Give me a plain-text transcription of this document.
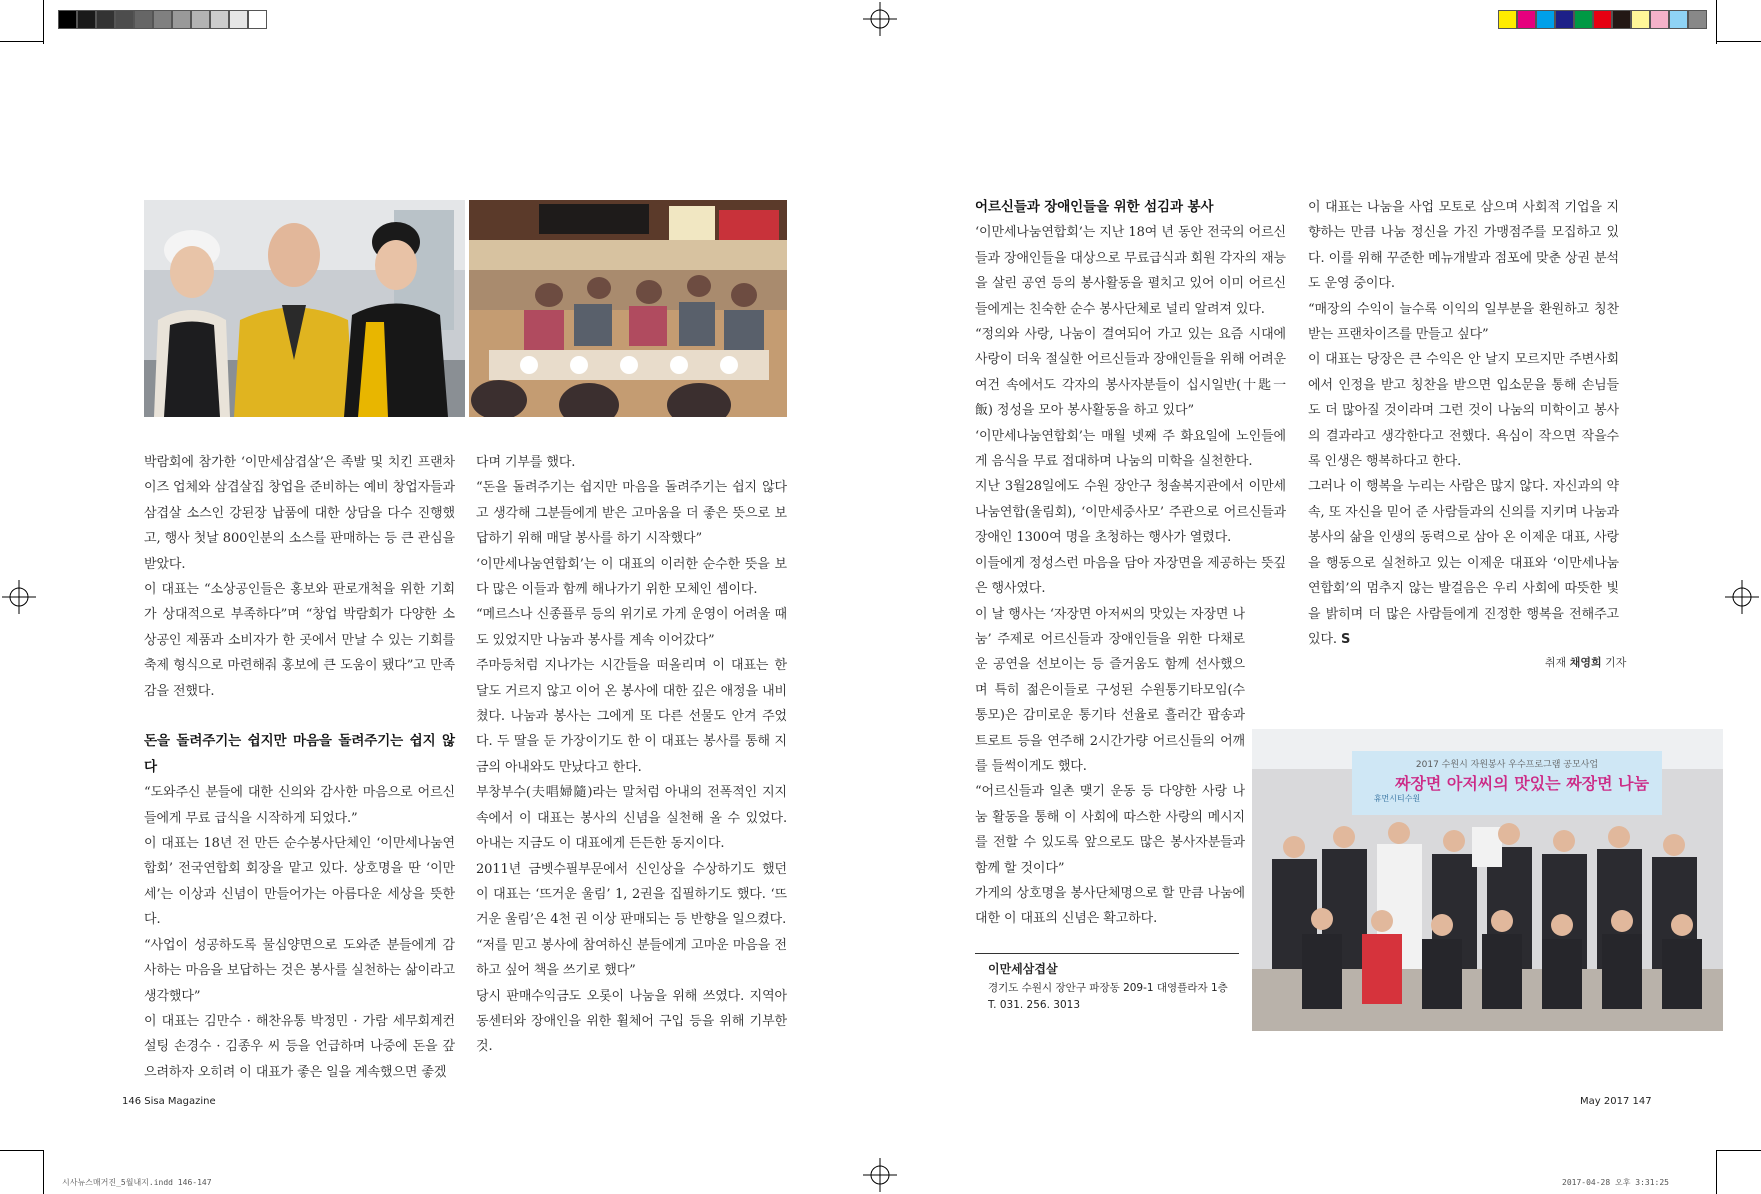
2017 수원시 자원봉사 우수프로그램 공모사업
짜장면 아저씨의 맛있는 짜장면 나눔
휴먼시티수원

박람회에 참가한 ‘이만세삼겹살’은 족발 및 치킨 프랜차이즈 업체와 삼겹살집 창업을 준비하는 예비 창업자들과 삼겹살 소스인 강된장 납품에 대한 상담을 다수 진행했고, 행사 첫날 800인분의 소스를 판매하는 등 큰 관심을 받았다.

이 대표는 “소상공인들은 홍보와 판로개척을 위한 기회가 상대적으로 부족하다”며 “창업 박람회가 다양한 소상공인 제품과 소비자가 한 곳에서 만날 수 있는 기회를 축제 형식으로 마련해줘 홍보에 큰 도움이 됐다”고 만족감을 전했다.

돈을 돌려주기는 쉽지만 마음을 돌려주기는 쉽지 않다

“도와주신 분들에 대한 신의와 감사한 마음으로 어르신들에게 무료 급식을 시작하게 되었다.”

이 대표는 18년 전 만든 순수봉사단체인 ‘이만세나눔연합회’ 전국연합회 회장을 맡고 있다. 상호명을 딴 ‘이만세’는 이상과 신념이 만들어가는 아름다운 세상을 뜻한다.

“사업이 성공하도록 물심양면으로 도와준 분들에게 감사하는 마음을 보답하는 것은 봉사를 실천하는 삶이라고 생각했다”

이 대표는 김만수 · 해찬유통 박정민 · 가람 세무회계컨설팅 손경수 · 김종우 씨 등을 언급하며 나중에 돈을 갚으려하자 오히려 이 대표가 좋은 일을 계속했으면 좋겠

다며 기부를 했다.

“돈을 돌려주기는 쉽지만 마음을 돌려주기는 쉽지 않다고 생각해 그분들에게 받은 고마움을 더 좋은 뜻으로 보답하기 위해 매달 봉사를 하기 시작했다”

‘이만세나눔연합회’는 이 대표의 이러한 순수한 뜻을 보다 많은 이들과 함께 해나가기 위한 모체인 셈이다.

“메르스나 신종플루 등의 위기로 가게 운영이 어려울 때도 있었지만 나눔과 봉사를 계속 이어갔다”

주마등처럼 지나가는 시간들을 떠올리며 이 대표는 한 달도 거르지 않고 이어 온 봉사에 대한 깊은 애정을 내비쳤다. 나눔과 봉사는 그에게 또 다른 선물도 안겨 주었다. 두 딸을 둔 가장이기도 한 이 대표는 봉사를 통해 지금의 아내와도 만났다고 한다.

부창부수(夫唱婦隨)라는 말처럼 아내의 전폭적인 지지 속에서 이 대표는 봉사의 신념을 실천해 올 수 있었다. 아내는 지금도 이 대표에게 든든한 동지이다.

2011년 금벳수필부문에서 신인상을 수상하기도 했던 이 대표는 ‘뜨거운 울림’ 1, 2권을 집필하기도 했다. ‘뜨거운 울림’은 4천 권 이상 판매되는 등 반향을 일으켰다.

“저를 믿고 봉사에 참여하신 분들에게 고마운 마음을 전하고 싶어 책을 쓰기로 했다”

당시 판매수익금도 오롯이 나눔을 위해 쓰였다. 지역아동센터와 장애인을 위한 휠체어 구입 등을 위해 기부한 것.

어르신들과 장애인들을 위한 섬김과 봉사

‘이만세나눔연합회’는 지난 18여 년 동안 전국의 어르신들과 장애인들을 대상으로 무료급식과 회원 각자의 재능을 살린 공연 등의 봉사활동을 펼치고 있어 이미 어르신들에게는 친숙한 순수 봉사단체로 널리 알려져 있다.

“정의와 사랑, 나눔이 결여되어 가고 있는 요즘 시대에 사랑이 더욱 절실한 어르신들과 장애인들을 위해 어려운 여건 속에서도 각자의 봉사자분들이 십시일반(十匙一飯) 정성을 모아 봉사활동을 하고 있다”

‘이만세나눔연합회’는 매월 넷째 주 화요일에 노인들에게 음식을 무료 접대하며 나눔의 미학을 실천한다.

지난 3월28일에도 수원 장안구 청솔복지관에서 이만세나눔연합(울림회), ‘이만세중사모’ 주관으로 어르신들과 장애인 1300여 명을 초청하는 행사가 열렸다.

이들에게 정성스런 마음을 담아 자장면을 제공하는 뜻깊은 행사였다.

이 날 행사는 ‘자장면 아저씨의 맛있는 자장면 나눔’ 주제로 어르신들과 장애인들을 위한 다채로운 공연을 선보이는 등 즐거움도 함께 선사했으며 특히 젊은이들로 구성된 수원통기타모임(수통모)은 감미로운 통기타 선율로 흘러간 팝송과 트로트 등을 연주해 2시간가량 어르신들의 어깨를 들썩이게도 했다.

“어르신들과 일촌 맺기 운동 등 다양한 사랑 나눔 활동을 통해 이 사회에 따스한 사랑의 메시지를 전할 수 있도록 앞으로도 많은 봉사자분들과 함께 할 것이다”

가게의 상호명을 봉사단체명으로 할 만큼 나눔에 대한 이 대표의 신념은 확고하다.

이 대표는 나눔을 사업 모토로 삼으며 사회적 기업을 지향하는 만큼 나눔 정신을 가진 가맹점주를 모집하고 있다. 이를 위해 꾸준한 메뉴개발과 점포에 맞춘 상권 분석도 운영 중이다.

“매장의 수익이 늘수록 이익의 일부분을 환원하고 칭찬받는 프랜차이즈를 만들고 싶다”

이 대표는 당장은 큰 수익은 안 날지 모르지만 주변사회에서 인정을 받고 칭찬을 받으면 입소문을 통해 손님들도 더 많아질 것이라며 그런 것이 나눔의 미학이고 봉사의 결과라고 생각한다고 전했다. 욕심이 작으면 작을수록 인생은 행복하다고 한다.

그러나 이 행복을 누리는 사람은 많지 않다. 자신과의 약속, 또 자신을 믿어 준 사람들과의 신의를 지키며 나눔과 봉사의 삶을 인생의 동력으로 삼아 온 이제운 대표, 사랑을 행동으로 실천하고 있는 이제운 대표와 ‘이만세나눔연합회’의 멈추지 않는 발걸음은 우리 사회에 따뜻한 빛을 밝히며 더 많은 사람들에게 진정한 행복을 전해주고 있다. S

취재 채영희 기자
이만세삼겹살
경기도 수원시 장안구 파장동 209-1 대영플라자 1층
T. 031. 256. 3013
146 Sisa Magazine	May 2017 147
시사뉴스매거진_5월내지.indd 146-147	2017-04-28 오후 3:31:25
